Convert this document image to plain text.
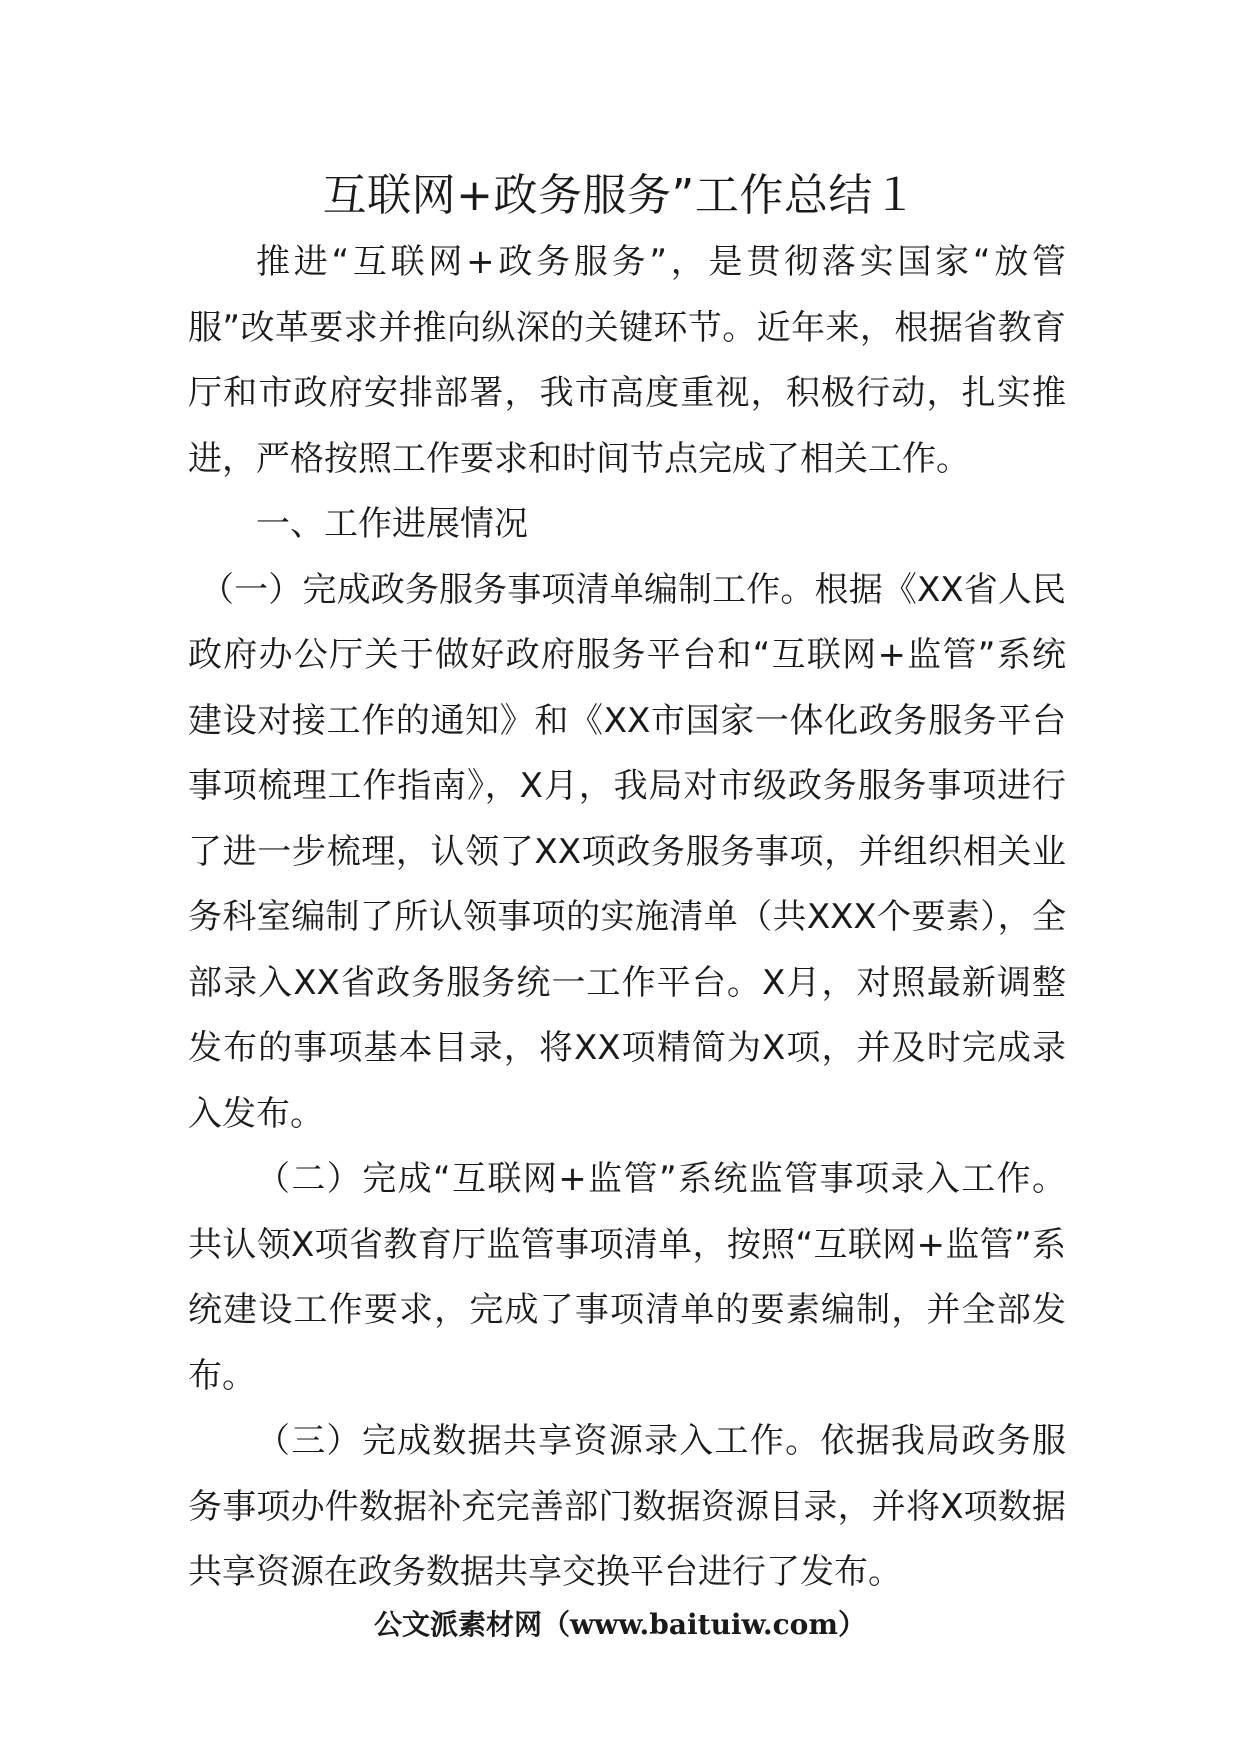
互联网+政务服务”工作总结１

推进“互联网+政务服务”，是贯彻落实国家“放管服”改革要求并推向纵深的关键环节。近年来，根据省教育厅和市政府安排部署，我市高度重视，积极行动，扎实推进，严格按照工作要求和时间节点完成了相关工作。

一、工作进展情况

（一）完成政务服务事项清单编制工作。根据《XX省人民政府办公厅关于做好政府服务平台和“互联网+监管”系统建设对接工作的通知》和《XX市国家一体化政务服务平台事项梳理工作指南》，X月，我局对市级政务服务事项进行了进一步梳理，认领了XX项政务服务事项，并组织相关业务科室编制了所认领事项的实施清单（共XXX个要素），全部录入XX省政务服务统一工作平台。X月，对照最新调整发布的事项基本目录，将XX项精简为X项，并及时完成录入发布。

（二）完成“互联网+监管”系统监管事项录入工作。共认领X项省教育厅监管事项清单，按照“互联网+监管”系统建设工作要求，完成了事项清单的要素编制，并全部发布。

（三）完成数据共享资源录入工作。依据我局政务服务事项办件数据补充完善部门数据资源目录，并将X项数据共享资源在政务数据共享交换平台进行了发布。

公文派素材网（www.baituiw.com）
